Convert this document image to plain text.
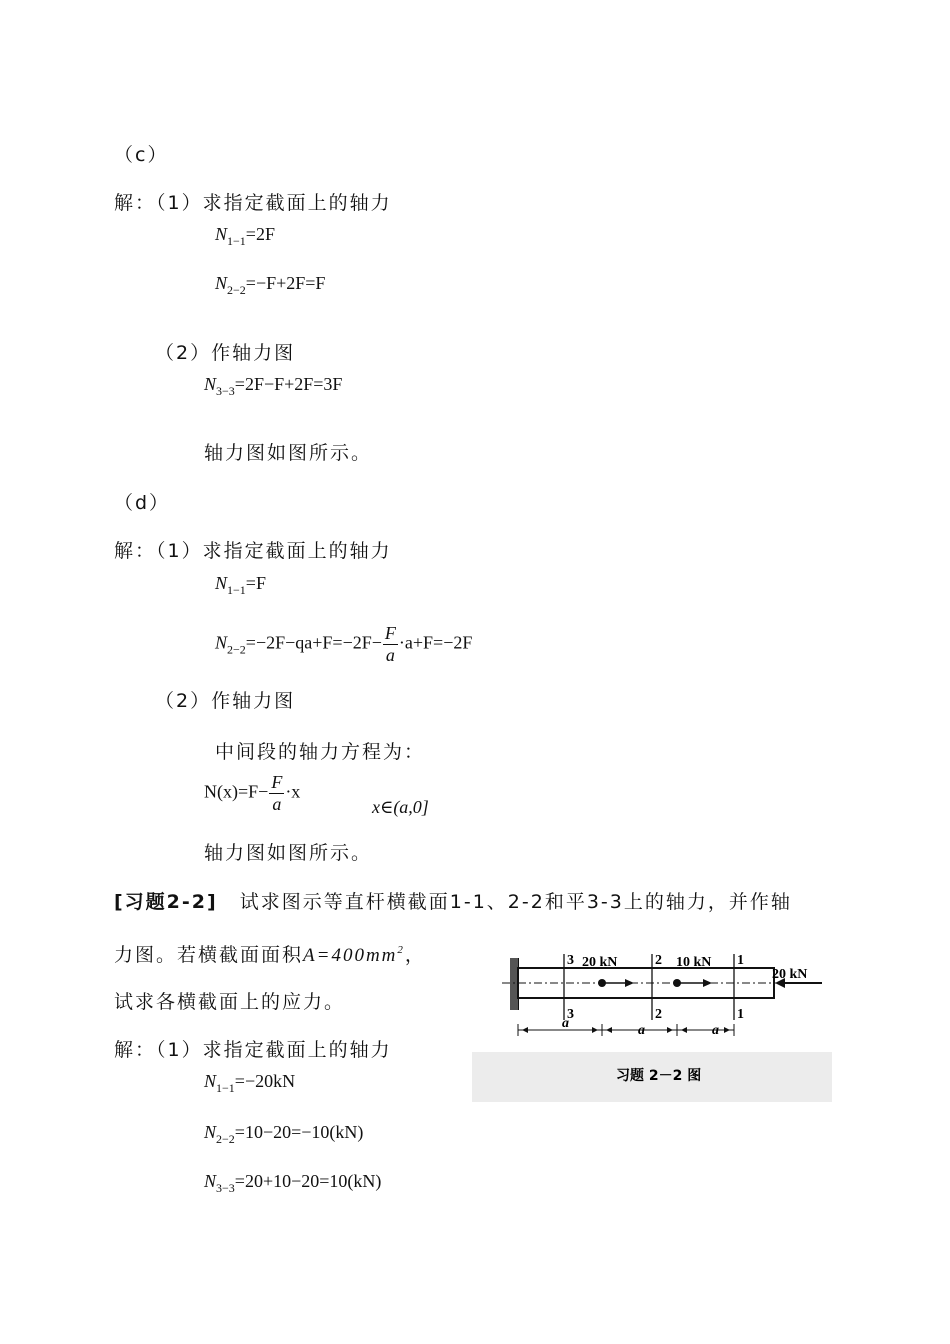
（c）
解：（1）求指定截面上的轴力
$N_{1-1}=2F$
$N_{2-2}=-F+2F=F$
（2）作轴力图
$N_{3-3}=2F-F+2F=3F$
轴力图如图所示。
（d）
解：（1）求指定截面上的轴力
$N_{1-1}=F$
$N_{2-2}=-2F-qa+F=-2F- \frac{F}{a} \cdot a+F=-2F$
（2）作轴力图
中间段的轴力方程为：
$N(x)=F- \frac{F}{a} \cdot x$
x∈(a,0]
轴力图如图所示。
[习题2-2] 试求图示等直杆横截面1-1、2-2和平3-3上的轴力，并作轴
力图。若横截面面积$A=400mm^2$，
试求各横截面上的应力。
解：（1）求指定截面上的轴力
$N_{1-1}=-20kN$
$N_{2-2}=10-20=-10(kN)$
$N_{3-3}=20+10-20=10(kN)$
3
3
2
2
1
1
20 kN	10 kN
20 kN
a	a	a
习题 2－2 图
